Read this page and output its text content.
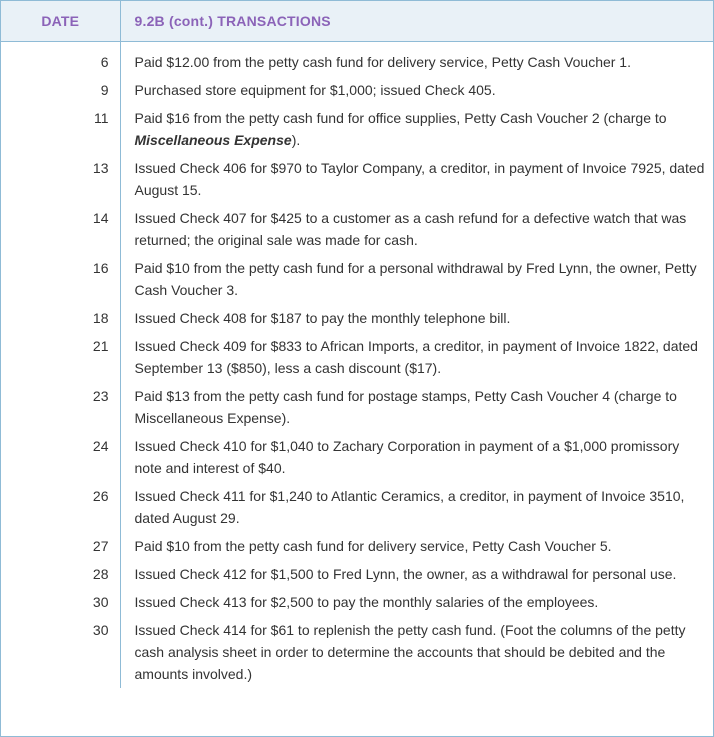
DATE	9.2B (cont.) TRANSACTIONS
6	Paid $12.00 from the petty cash fund for delivery service, Petty Cash Voucher 1.
9	Purchased store equipment for $1,000; issued Check 405.
11	Paid $16 from the petty cash fund for office supplies, Petty Cash Voucher 2 (charge to Miscellaneous Expense).
13	Issued Check 406 for $970 to Taylor Company, a creditor, in payment of Invoice 7925, dated August 15.
14	Issued Check 407 for $425 to a customer as a cash refund for a defective watch that was returned; the original sale was made for cash.
16	Paid $10 from the petty cash fund for a personal withdrawal by Fred Lynn, the owner, Petty Cash Voucher 3.
18	Issued Check 408 for $187 to pay the monthly telephone bill.
21	Issued Check 409 for $833 to African Imports, a creditor, in payment of Invoice 1822, dated September 13 ($850), less a cash discount ($17).
23	Paid $13 from the petty cash fund for postage stamps, Petty Cash Voucher 4 (charge to Miscellaneous Expense).
24	Issued Check 410 for $1,040 to Zachary Corporation in payment of a $1,000 promissory note and interest of $40.
26	Issued Check 411 for $1,240 to Atlantic Ceramics, a creditor, in payment of Invoice 3510, dated August 29.
27	Paid $10 from the petty cash fund for delivery service, Petty Cash Voucher 5.
28	Issued Check 412 for $1,500 to Fred Lynn, the owner, as a withdrawal for personal use.
30	Issued Check 413 for $2,500 to pay the monthly salaries of the employees.
30	Issued Check 414 for $61 to replenish the petty cash fund. (Foot the columns of the petty cash analysis sheet in order to determine the accounts that should be debited and the amounts involved.)
